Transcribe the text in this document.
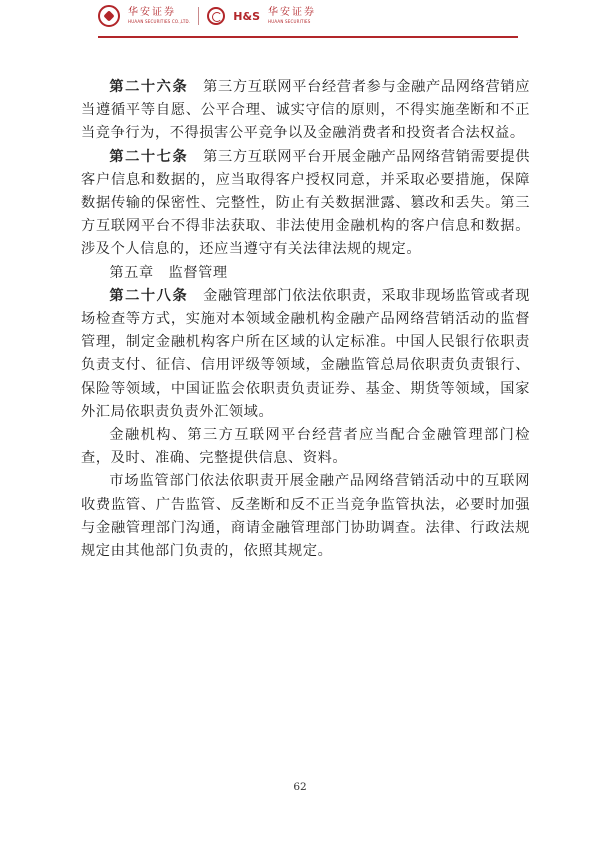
华安证券
HUAAN SECURITIES CO.,LTD.	H&S 华安证券
HUAAN SECURITIES

第二十六条　 第三方互联网平台经营者参与金融产品网络营销应当遵循平等自愿、公平合理、诚实守信的原则，不得实施垄断和不正当竞争行为，不得损害公平竞争以及金融消费者和投资者合法权益。

第二十七条　 第三方互联网平台开展金融产品网络营销需要提供客户信息和数据的，应当取得客户授权同意，并采取必要措施，保障数据传输的保密性、完整性，防止有关数据泄露、篡改和丢失。第三方互联网平台不得非法获取、非法使用金融机构的客户信息和数据。涉及个人信息的，还应当遵守有关法律法规的规定。

第五章　监督管理

第二十八条　 金融管理部门依法依职责，采取非现场监管或者现场检查等方式，实施对本领域金融机构金融产品网络营销活动的监督管理，制定金融机构客户所在区域的认定标准。中国人民银行依职责负责支付、征信、信用评级等领域，金融监管总局依职责负责银行、保险等领域，中国证监会依职责负责证券、基金、期货等领域，国家外汇局依职责负责外汇领域。

金融机构、第三方互联网平台经营者应当配合金融管理部门检查，及时、准确、完整提供信息、资料。

市场监管部门依法依职责开展金融产品网络营销活动中的互联网收费监管、广告监管、反垄断和反不正当竞争监管执法，必要时加强与金融管理部门沟通，商请金融管理部门协助调查。法律、行政法规规定由其他部门负责的，依照其规定。

62
